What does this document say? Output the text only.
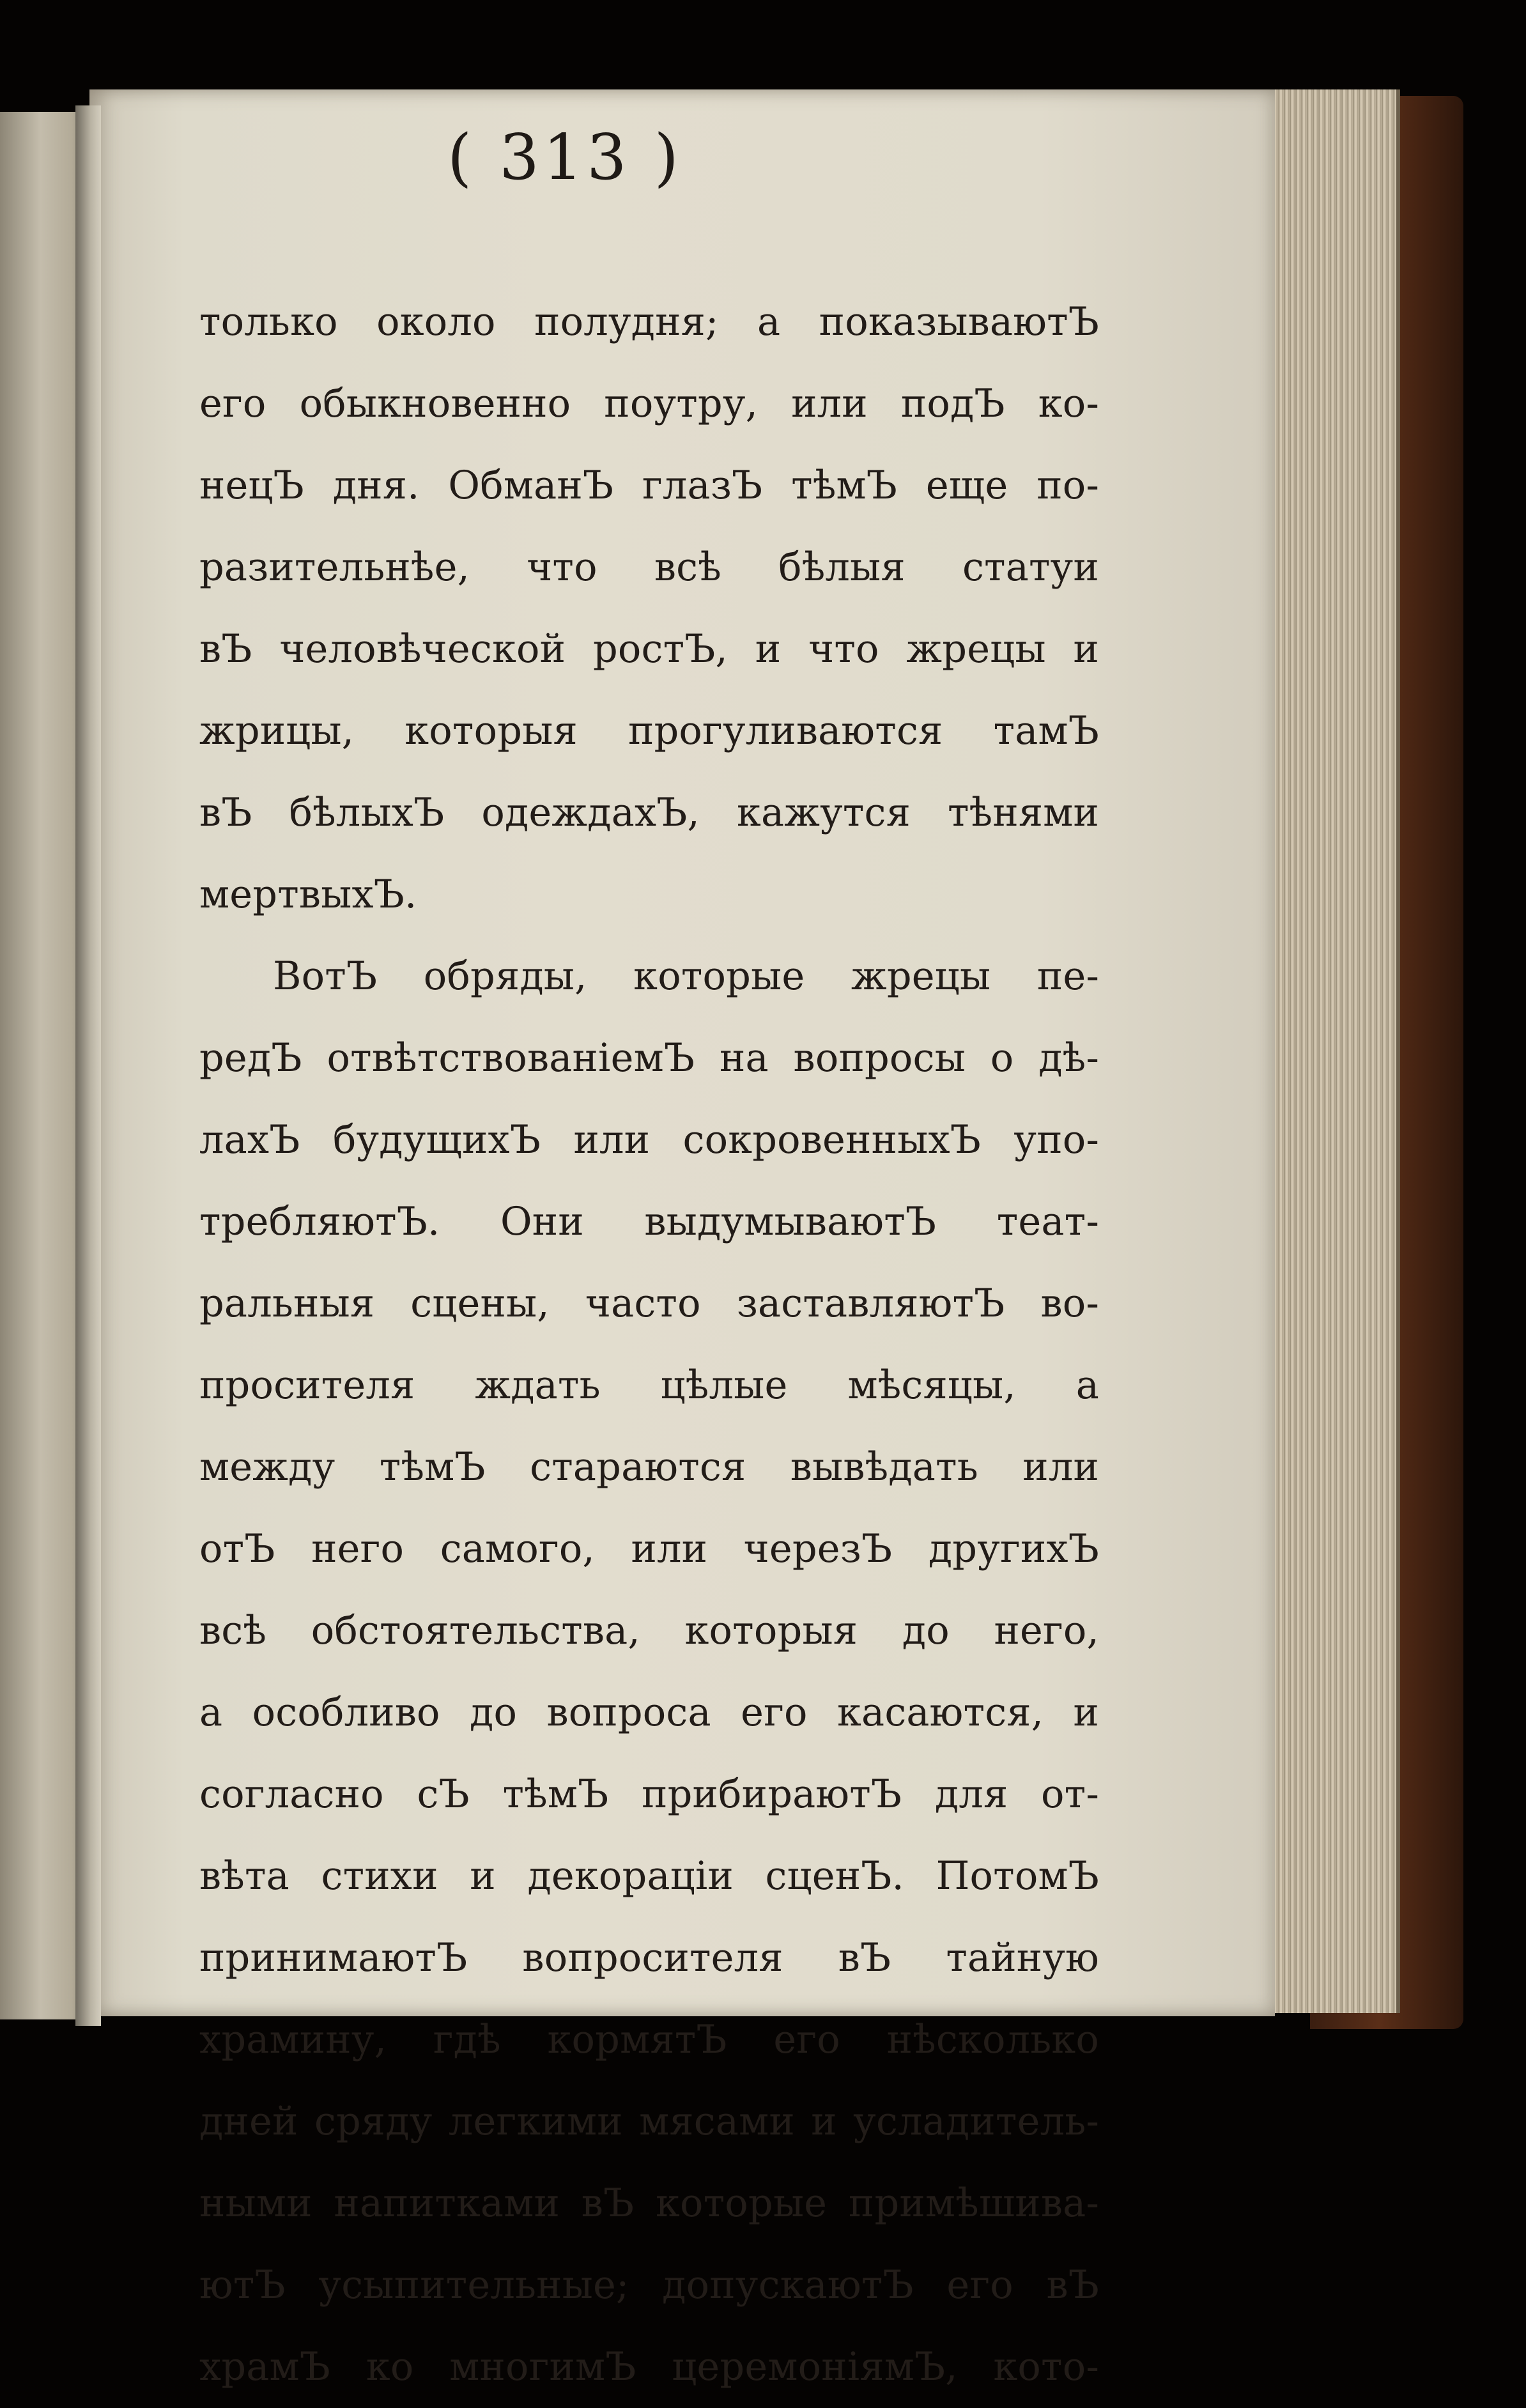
( 313 )
только около полудня; а показываютЪ
его обыкновенно поутру, или подЪ ко-
нецЪ дня. ОбманЪ глазЪ тѣмЪ еще по-
разительнѣе, что всѣ бѣлыя статуи
вЪ человѣческой ростЪ, и что жрецы и
жрицы, которыя прогуливаются тамЪ
вЪ бѣлыхЪ одеждахЪ, кажутся тѣнями
мертвыхЪ.
ВотЪ обряды, которые жрецы пе-
редЪ отвѣтствованіемЪ на вопросы о дѣ-
лахЪ будущихЪ или сокровенныхЪ упо-
требляютЪ. Они выдумываютЪ теат-
ральныя сцены, часто заставляютЪ во-
просителя ждать цѣлые мѣсяцы, а
между тѣмЪ стараются вывѣдать или
отЪ него самого, или черезЪ другихЪ
всѣ обстоятельства, которыя до него,
а особливо до вопроса его касаются, и
согласно сЪ тѣмЪ прибираютЪ для от-
вѣта стихи и декораціи сценЪ. ПотомЪ
принимаютЪ вопросителя вЪ тайную
храмину, гдѣ кормятЪ его нѣсколько
дней сряду легкими мясами и усладитель-
ными напитками вЪ которые примѣшива-
ютЪ усыпительные; допускаютЪ его вЪ
храмЪ ко многимЪ церемоніямЪ, кото-
